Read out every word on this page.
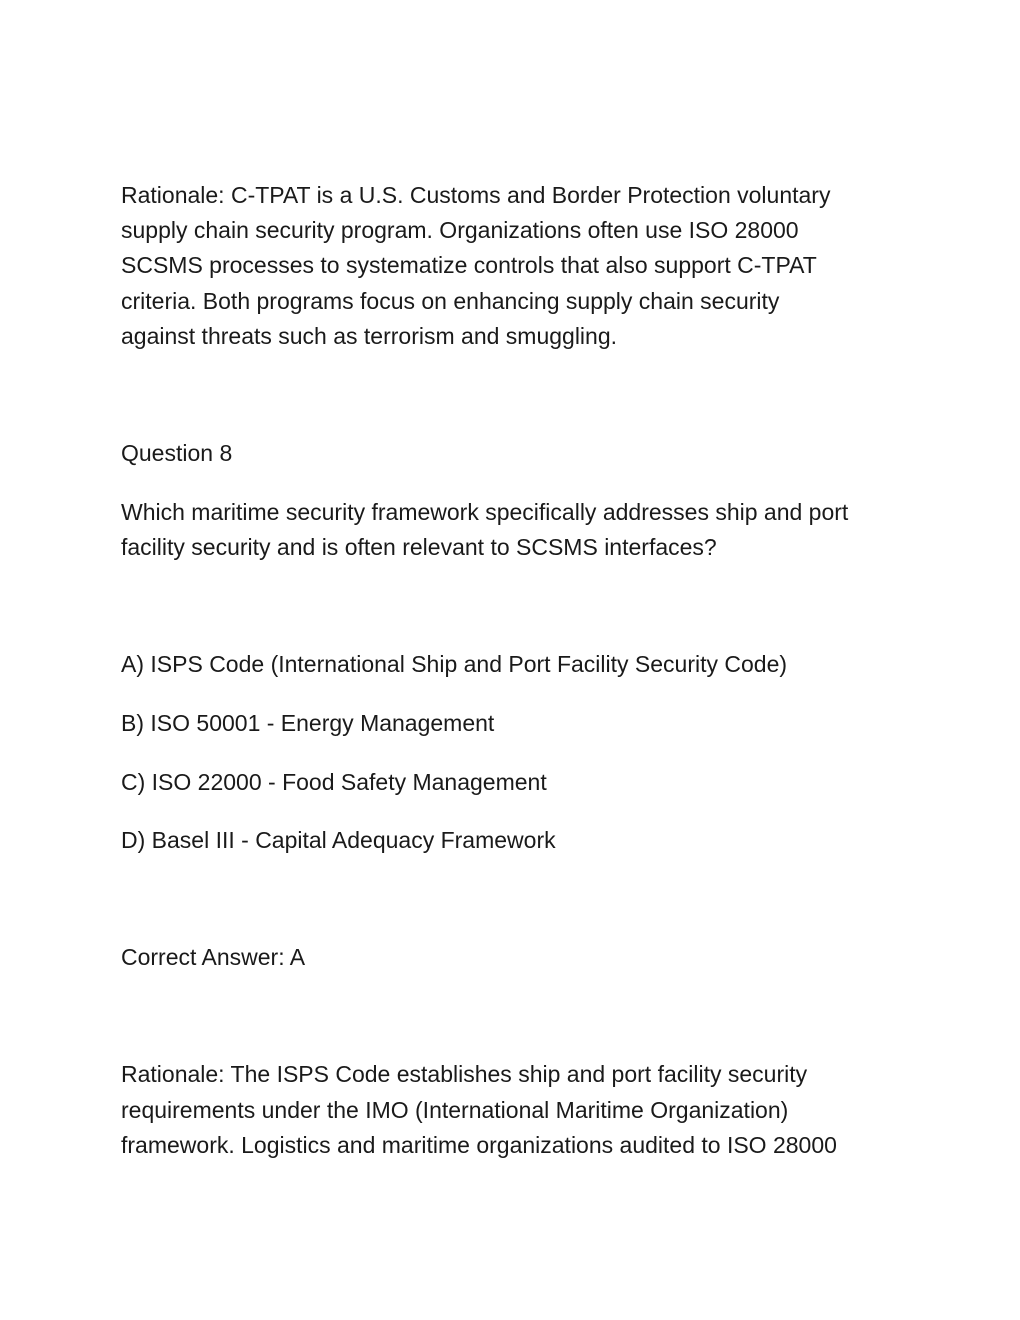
Rationale: C-TPAT is a U.S. Customs and Border Protection voluntary
supply chain security program. Organizations often use ISO 28000
SCSMS processes to systematize controls that also support C-TPAT
criteria. Both programs focus on enhancing supply chain security
against threats such as terrorism and smuggling.
Question 8
Which maritime security framework specifically addresses ship and port
facility security and is often relevant to SCSMS interfaces?
A) ISPS Code (International Ship and Port Facility Security Code)
B) ISO 50001 - Energy Management
C) ISO 22000 - Food Safety Management
D) Basel III - Capital Adequacy Framework
Correct Answer: A
Rationale: The ISPS Code establishes ship and port facility security
requirements under the IMO (International Maritime Organization)
framework. Logistics and maritime organizations audited to ISO 28000
